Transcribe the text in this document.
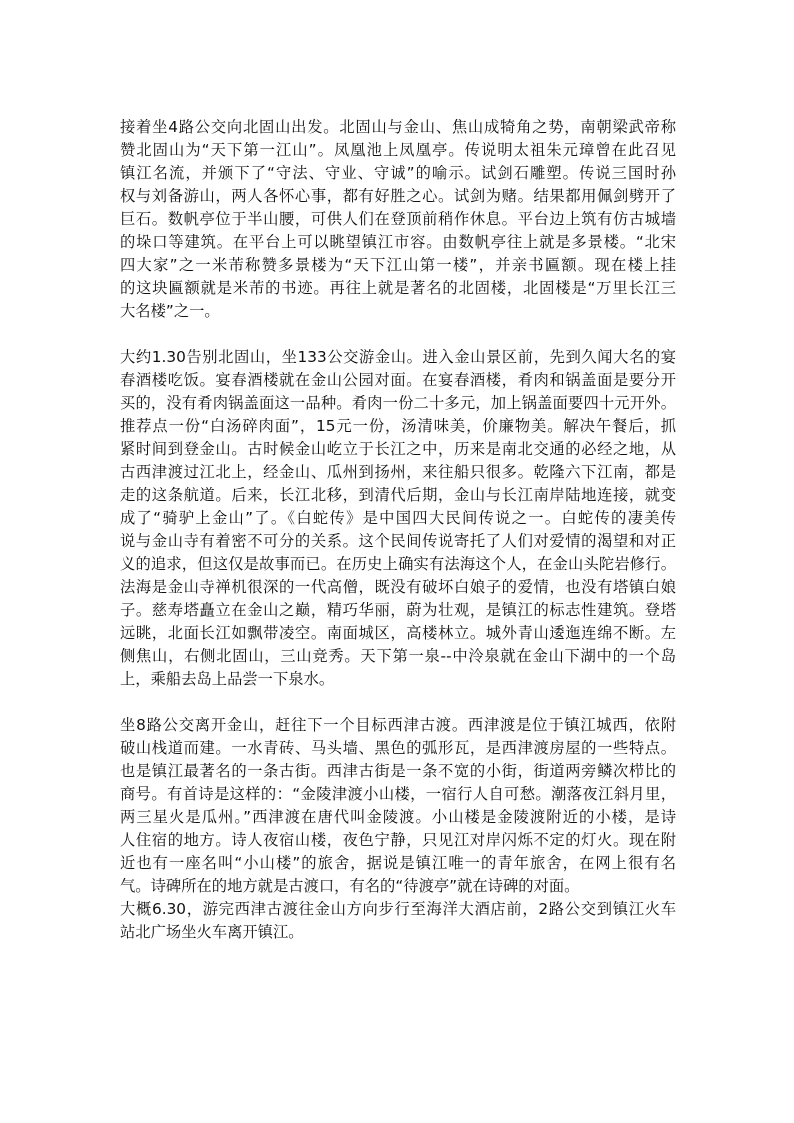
接着坐4路公交向北固山出发。北固山与金山、焦山成犄角之势，南朝梁武帝称
赞北固山为“天下第一江山”。凤凰池上凤凰亭。传说明太祖朱元璋曾在此召见
镇江名流，并颁下了“守法、守业、守诚”的喻示。试剑石雕塑。传说三国时孙
权与刘备游山，两人各怀心事，都有好胜之心。试剑为赌。结果都用佩剑劈开了
巨石。数帆亭位于半山腰，可供人们在登顶前稍作休息。平台边上筑有仿古城墙
的垛口等建筑。在平台上可以眺望镇江市容。由数帆亭往上就是多景楼。“北宋
四大家”之一米芾称赞多景楼为“天下江山第一楼”，并亲书匾额。现在楼上挂
的这块匾额就是米芾的书迹。再往上就是著名的北固楼，北固楼是“万里长江三
大名楼”之一。
大约1.30告别北固山，坐133公交游金山。进入金山景区前，先到久闻大名的宴
春酒楼吃饭。宴春酒楼就在金山公园对面。在宴春酒楼，肴肉和锅盖面是要分开
买的，没有肴肉锅盖面这一品种。肴肉一份二十多元，加上锅盖面要四十元开外。
推荐点一份“白汤碎肉面”，15元一份，汤清味美，价廉物美。解决午餐后，抓
紧时间到登金山。古时候金山屹立于长江之中，历来是南北交通的必经之地，从
古西津渡过江北上，经金山、瓜州到扬州，来往船只很多。乾隆六下江南，都是
走的这条航道。后来，长江北移，到清代后期，金山与长江南岸陆地连接，就变
成了“骑驴上金山”了。《白蛇传》是中国四大民间传说之一。白蛇传的凄美传
说与金山寺有着密不可分的关系。这个民间传说寄托了人们对爱情的渴望和对正
义的追求，但这仅是故事而已。在历史上确实有法海这个人，在金山头陀岩修行。
法海是金山寺禅机很深的一代高僧，既没有破坏白娘子的爱情，也没有塔镇白娘
子。慈寿塔矗立在金山之巅，精巧华丽，蔚为壮观，是镇江的标志性建筑。登塔
远眺，北面长江如飘带凌空。南面城区，高楼林立。城外青山逶迤连绵不断。左
侧焦山，右侧北固山，三山竞秀。天下第一泉--中泠泉就在金山下湖中的一个岛
上，乘船去岛上品尝一下泉水。
坐8路公交离开金山，赶往下一个目标西津古渡。西津渡是位于镇江城西，依附
破山栈道而建。一水青砖、马头墙、黑色的弧形瓦，是西津渡房屋的一些特点。
也是镇江最著名的一条古街。西津古街是一条不宽的小街，街道两旁鳞次栉比的
商号。有首诗是这样的：“金陵津渡小山楼，一宿行人自可愁。潮落夜江斜月里，
两三星火是瓜州。”西津渡在唐代叫金陵渡。小山楼是金陵渡附近的小楼，是诗
人住宿的地方。诗人夜宿山楼，夜色宁静，只见江对岸闪烁不定的灯火。现在附
近也有一座名叫“小山楼”的旅舍，据说是镇江唯一的青年旅舍，在网上很有名
气。诗碑所在的地方就是古渡口，有名的“待渡亭”就在诗碑的对面。
大概6.30，游完西津古渡往金山方向步行至海洋大酒店前，2路公交到镇江火车
站北广场坐火车离开镇江。
